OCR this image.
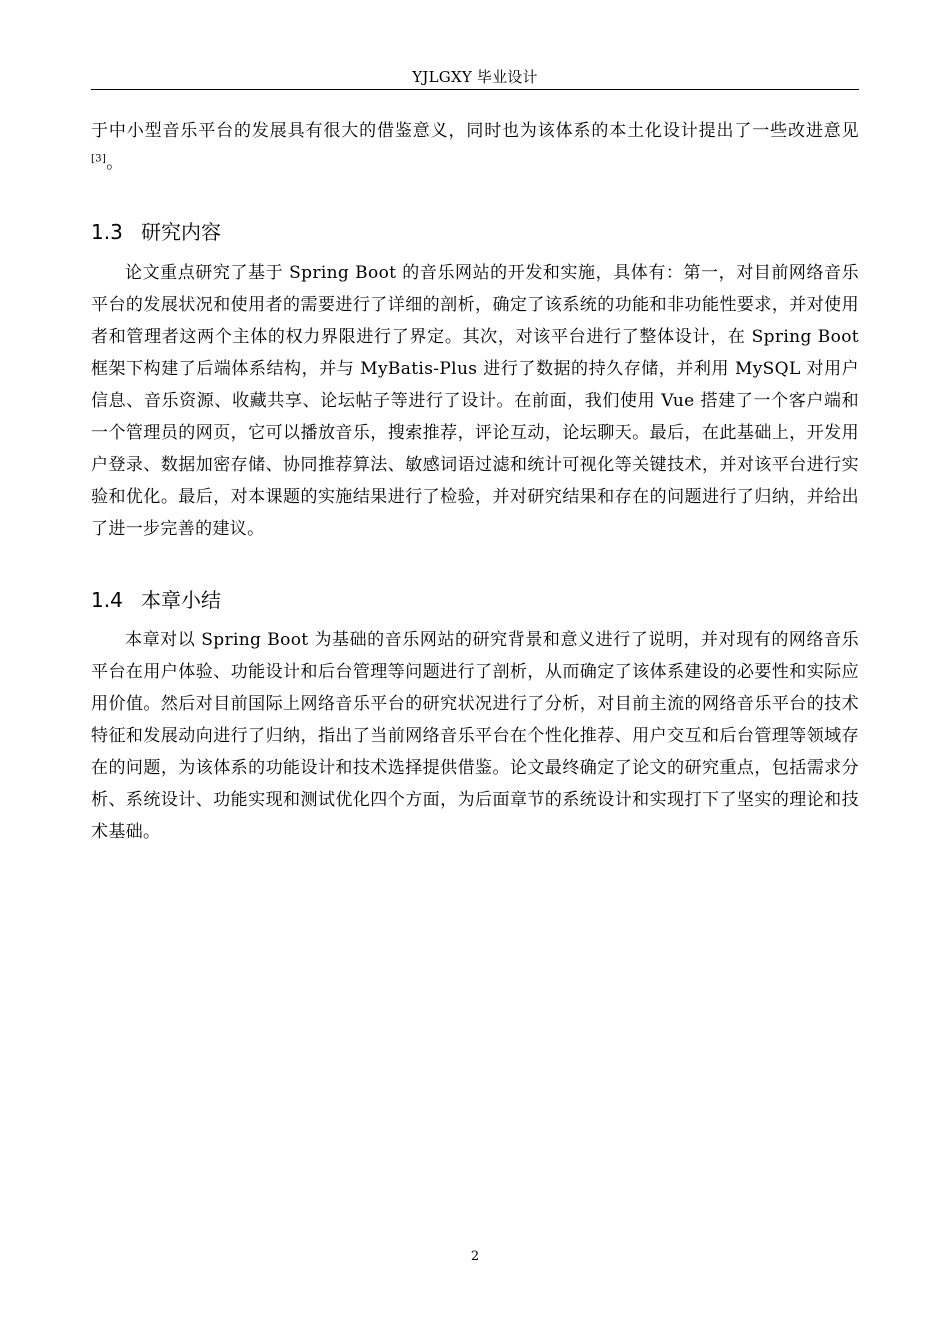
YJLGXY 毕业设计

于中小型音乐平台的发展具有很大的借鉴意义，同时也为该体系的本土化设计提出了一些改进意见[3]。

1.3 研究内容

论文重点研究了基于 Spring Boot 的音乐网站的开发和实施，具体有：第一，对目前网络音乐平台的发展状况和使用者的需要进行了详细的剖析，确定了该系统的功能和非功能性要求，并对使用者和管理者这两个主体的权力界限进行了界定。其次，对该平台进行了整体设计，在 Spring Boot 框架下构建了后端体系结构，并与 MyBatis-Plus 进行了数据的持久存储，并利用 MySQL 对用户信息、音乐资源、收藏共享、论坛帖子等进行了设计。在前面，我们使用 Vue 搭建了一个客户端和一个管理员的网页，它可以播放音乐，搜索推荐，评论互动，论坛聊天。最后，在此基础上，开发用户登录、数据加密存储、协同推荐算法、敏感词语过滤和统计可视化等关键技术，并对该平台进行实验和优化。最后，对本课题的实施结果进行了检验，并对研究结果和存在的问题进行了归纳，并给出了进一步完善的建议。

1.4 本章小结

本章对以 Spring Boot 为基础的音乐网站的研究背景和意义进行了说明，并对现有的网络音乐平台在用户体验、功能设计和后台管理等问题进行了剖析，从而确定了该体系建设的必要性和实际应用价值。然后对目前国际上网络音乐平台的研究状况进行了分析，对目前主流的网络音乐平台的技术特征和发展动向进行了归纳，指出了当前网络音乐平台在个性化推荐、用户交互和后台管理等领域存在的问题，为该体系的功能设计和技术选择提供借鉴。论文最终确定了论文的研究重点，包括需求分析、系统设计、功能实现和测试优化四个方面，为后面章节的系统设计和实现打下了坚实的理论和技术基础。

2
